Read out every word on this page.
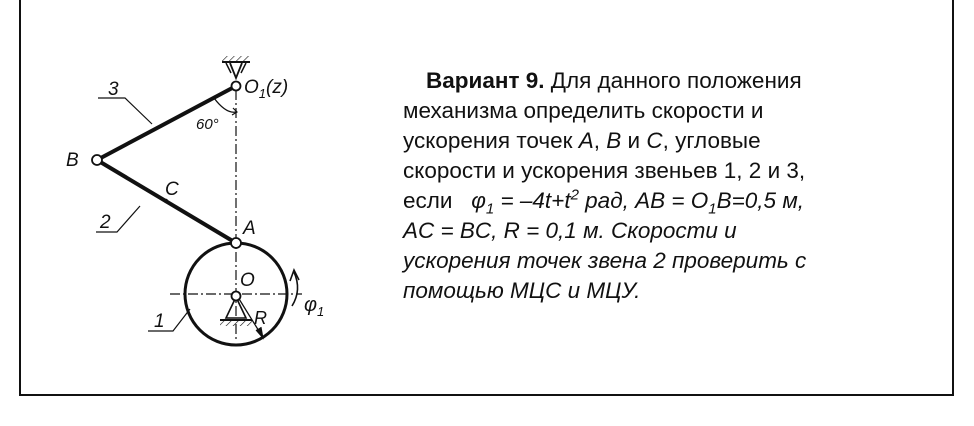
3
2
1
B
C
A
O
$O_1(z)$
60°
R
$\varphi_1$

Вариант 9. Для данного положения

механизма определить скорости и

ускорения точек A, B и C, угловые

скорости и ускорения звеньев 1, 2 и 3,

если $\varphi_1 = -4t+t^2$ рад, AB = $O_1B=0,5$ м,

AC = BC, R = 0,1 м. Скорости и

ускорения точек звена 2 проверить с

помощью МЦС и МЦУ.
